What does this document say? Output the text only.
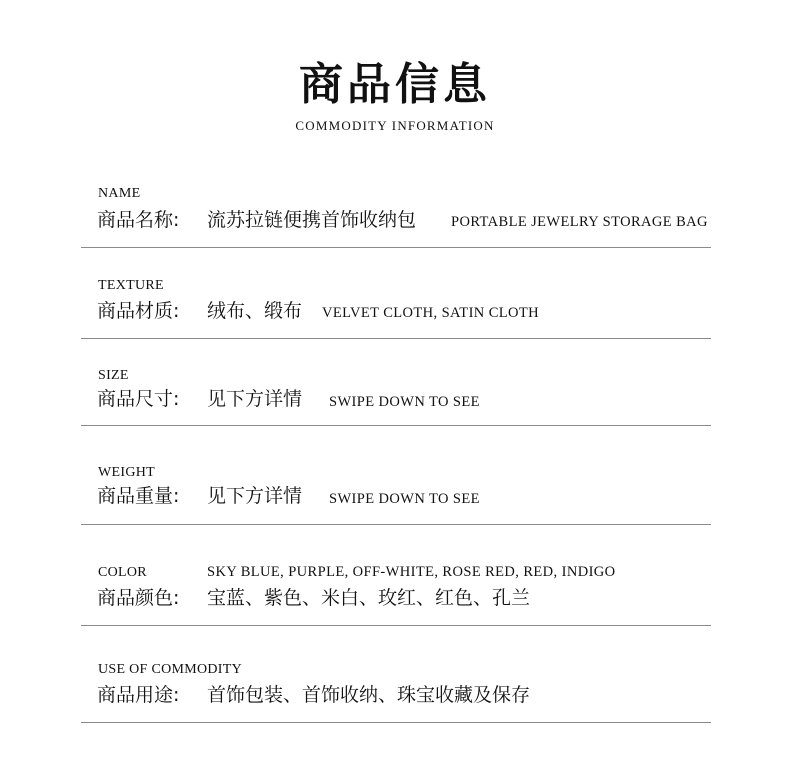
商品信息
COMMODITY INFORMATION
NAME
商品名称: 流苏拉链便携首饰收纳包 PORTABLE JEWELRY STORAGE BAG
TEXTURE
商品材质: 绒布、缎布 VELVET CLOTH, SATIN CLOTH
SIZE
商品尺寸: 见下方详情 SWIPE DOWN TO SEE
WEIGHT
商品重量: 见下方详情 SWIPE DOWN TO SEE
COLOR	SKY BLUE, PURPLE, OFF-WHITE, ROSE RED, RED, INDIGO
商品颜色: 宝蓝、紫色、米白、玫红、红色、孔兰
USE OF COMMODITY
商品用途: 首饰包装、首饰收纳、珠宝收藏及保存
